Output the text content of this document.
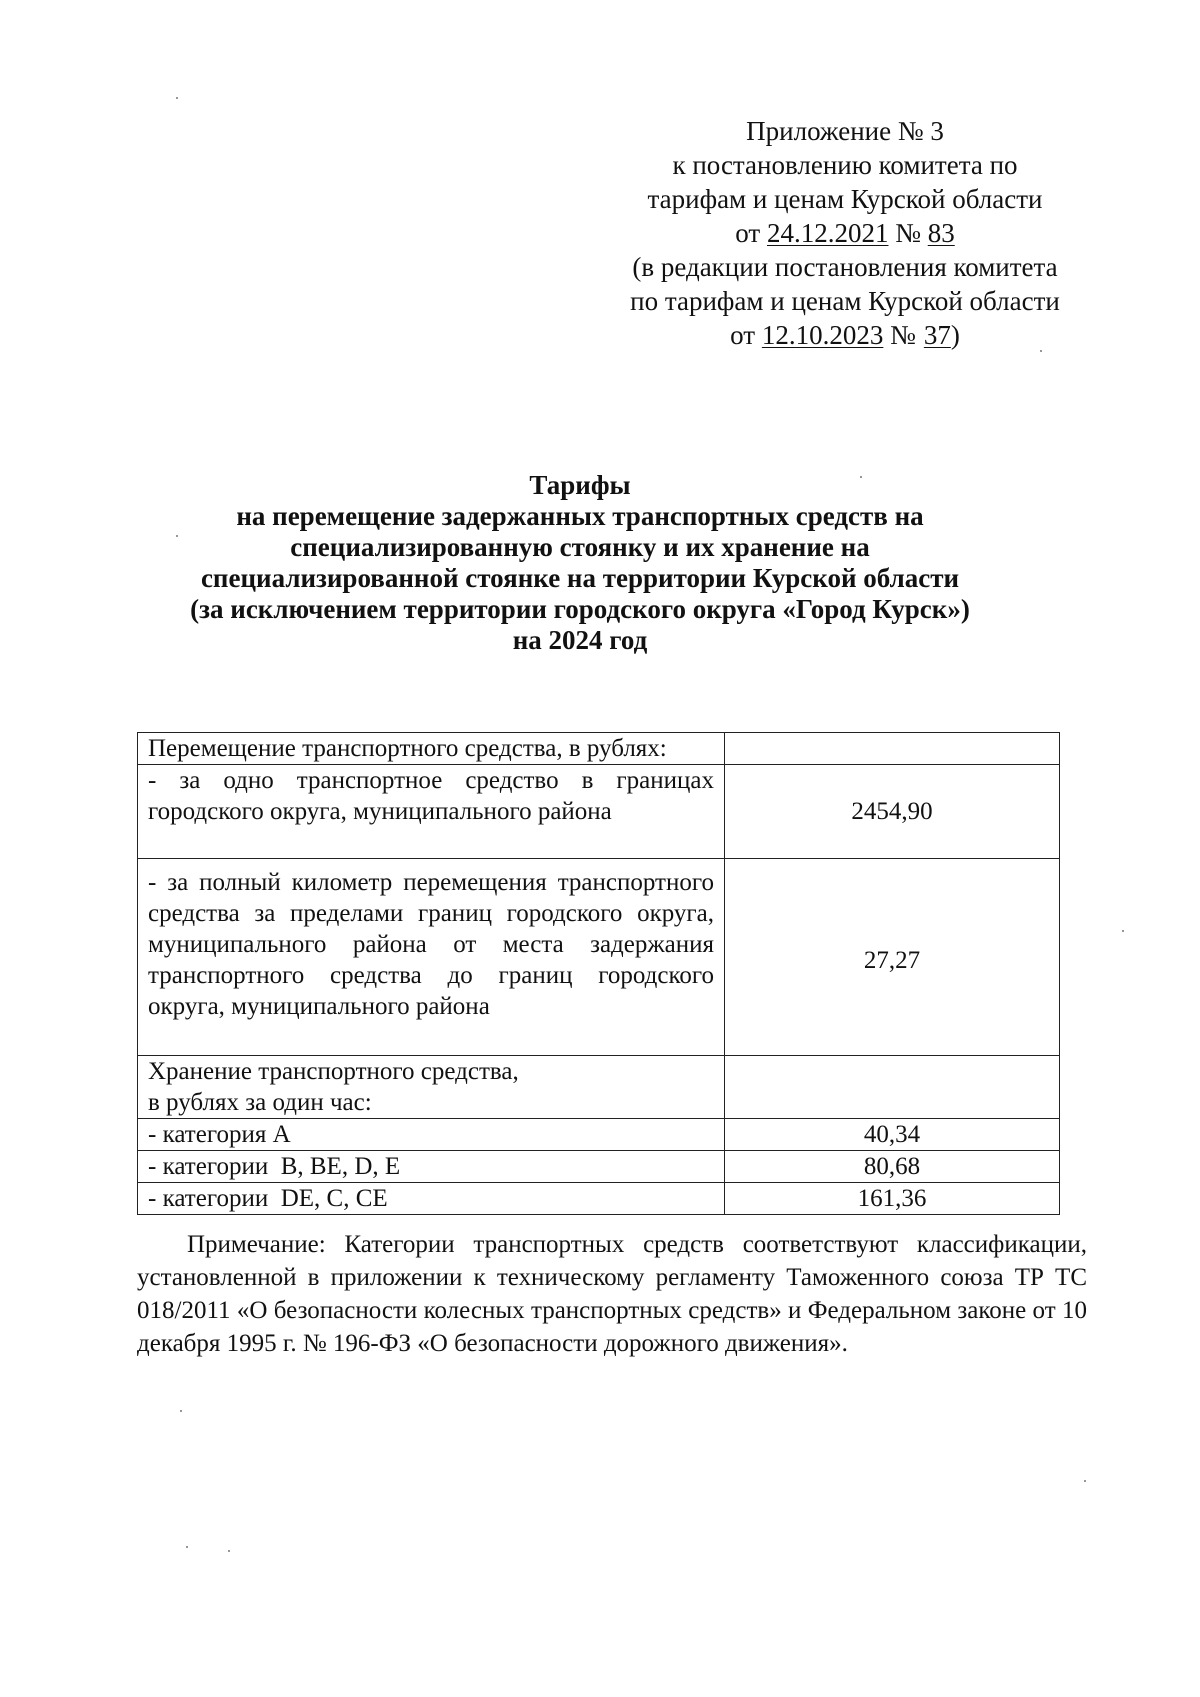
Приложение № 3
к постановлению комитета по
тарифам и ценам Курской области
от 24.12.2021 № 83
(в редакции постановления комитета
по тарифам и ценам Курской области
от 12.10.2023 № 37)
Тарифы
на перемещение задержанных транспортных средств на
специализированную стоянку и их хранение на
специализированной стоянке на территории Курской области
(за исключением территории городского округа «Город Курск»)
на 2024 год
Перемещение транспортного средства, в рублях:	
- за одно транспортное средство в границах городского округа, муниципального района	2454,90
- за полный километр перемещения транспортного средства за пределами границ городского округа, муниципального района от места задержания транспортного средства до границ городского округа, муниципального района	27,27

Хранение транспортного средства,
в рублях за один час:	

- категория А	40,34
- категории  В, ВЕ, D, Е	80,68
- категории  DE, С, СЕ	161,36
Примечание: Категории транспортных средств соответствуют классификации, установленной в приложении к техническому регламенту Таможенного союза ТР ТС 018/2011 «О безопасности колесных транспортных средств» и Федеральном законе от 10 декабря 1995 г. № 196-ФЗ «О безопасности дорожного движения».
